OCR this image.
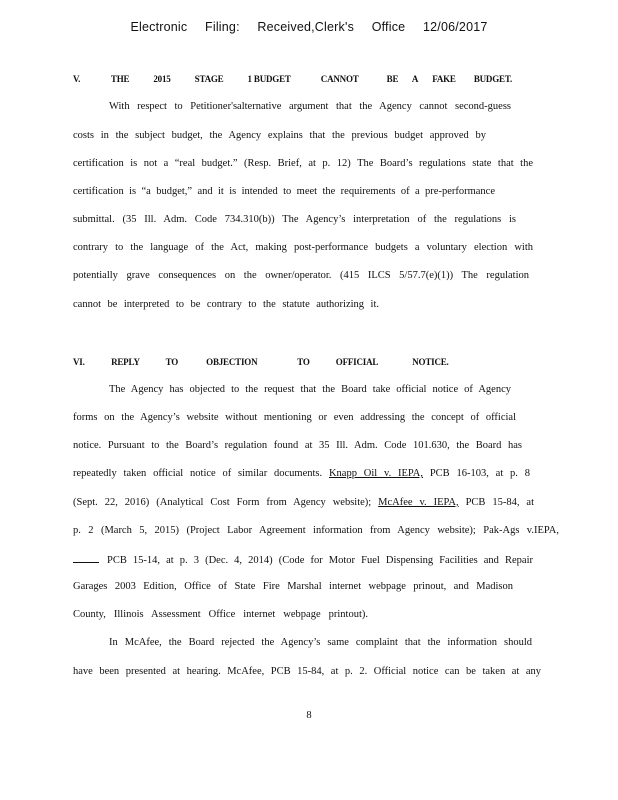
Electronic Filing: Received,Clerk's Office 12/06/2017
V.	THE	2015	STAGE	1 BUDGET	CANNOT	BE A FAKE BUDGET.
With respect to Petitioner'salternative argument that the Agency cannot second-guess
costs in the subject budget, the Agency explains that the previous budget approved by
certification is not a “real budget.” (Resp. Brief, at p. 12) The Board’s regulations state that the
certification is “a budget,” and it is intended to meet the requirements of a pre-performance
submittal. (35 Ill. Adm. Code 734.310(b)) The Agency’s interpretation of the regulations is
contrary to the language of the Act, making post-performance budgets a voluntary election with
potentially grave consequences on the owner/operator. (415 ILCS 5/57.7(e)(1)) The regulation
cannot be interpreted to be contrary to the statute authorizing it.
VI.	REPLY	TO	OBJECTION	TO	OFFICIAL	NOTICE.
The Agency has objected to the request that the Board take official notice of Agency
forms on the Agency’s website without mentioning or even addressing the concept of official
notice. Pursuant to the Board’s regulation found at 35 Ill. Adm. Code 101.630, the Board has
repeatedly taken official notice of similar documents. Knapp Oil v. IEPA, PCB 16-103, at p. 8
(Sept. 22, 2016) (Analytical Cost Form from Agency website); McAfee v. IEPA, PCB 15-84, at
p. 2 (March 5, 2015) (Project Labor Agreement information from Agency website); Pak-Ags v.IEPA,
PCB 15-14, at p. 3 (Dec. 4, 2014) (Code for Motor Fuel Dispensing Facilities and Repair
Garages 2003 Edition, Office of State Fire Marshal internet webpage prinout, and Madison
County, Illinois Assessment Office internet webpage printout).
In McAfee, the Board rejected the Agency’s same complaint that the information should
have been presented at hearing. McAfee, PCB 15-84, at p. 2. Official notice can be taken at any
8
